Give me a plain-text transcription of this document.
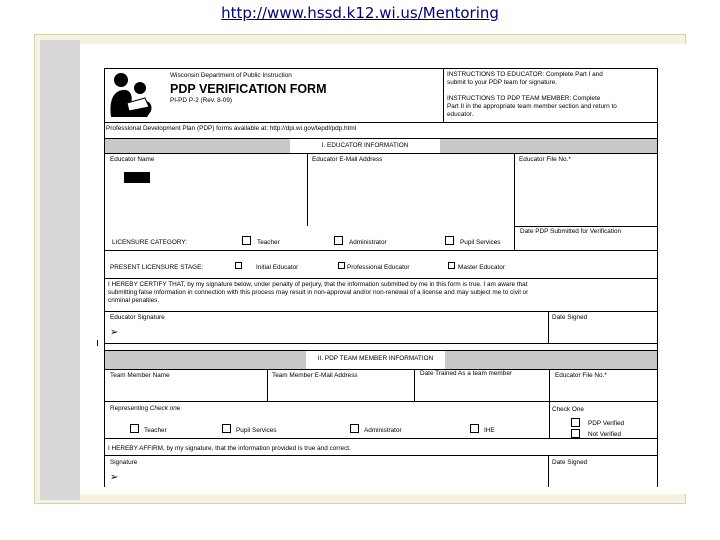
http://www.hssd.k12.wi.us/Mentoring
Wisconsin Department of Public Instruction
PDP VERIFICATION FORM
PI-PD P-2 (Rev. 8-09)
INSTRUCTIONS TO EDUCATOR: Complete Part I and
submit to your PDP team for signature.
INSTRUCTIONS TO PDP TEAM MEMBER: Complete
Part II in the appropriate team member section and return to
educator.
Professional Development Plan (PDP) forms available at: http://dpi.wi.gov/tepdl/pdp.html
I. EDUCATOR INFORMATION
Educator Name	Educator E-Mail Address	Educator File No.*
Date PDP Submitted for Verification
LICENSURE CATEGORY:	Teacher	Administrator	Pupil Services
PRESENT LICENSURE STAGE:	Initial Educator	Professional Educator	Master Educator
I HEREBY CERTIFY THAT, by my signature below, under penalty of perjury, that the information submitted by me in this form is true. I am aware that
submitting false information in connection with this process may result in non-approval and/or non-renewal of a license and may subject me to civil or
criminal penalties.
Educator Signature
➢
Date Signed
II. PDP TEAM MEMBER INFORMATION
Team Member Name	Team Member E-Mail Address	Date Trained As a team member	Educator File No.*
Representing Check one
Teacher	Pupil Services	Administrator	IHE
Check One
PDP Verified
Not Verified
I HEREBY AFFIRM, by my signature, that the information provided is true and correct.
Signature
➢
Date Signed
